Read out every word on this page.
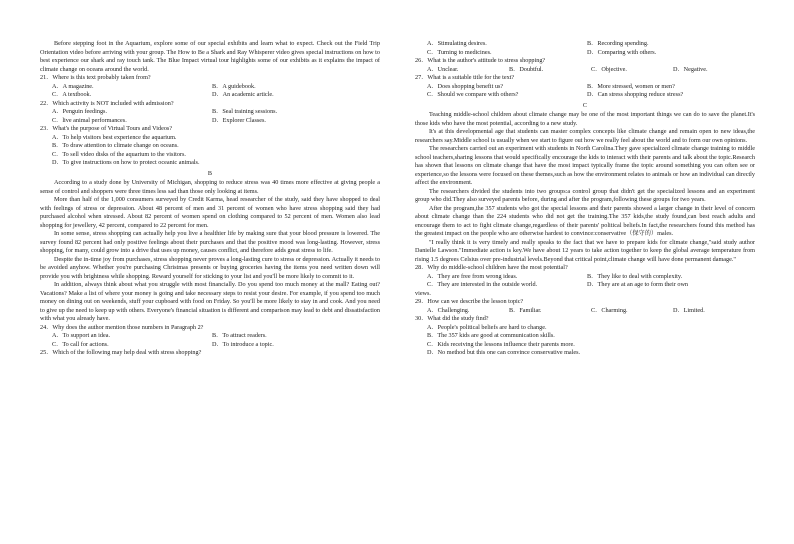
Before stepping foot in the Aquarium, explore some of our special exhibits and learn what to expect. Check out the Field Trip Orientation video before arriving with your group. The How to Be a Shark and Ray Whisperer video gives special instructions on how to best experience our shark and ray touch tank. The Blue Impact virtual tour highlights some of our exhibits as it explains the impact of climate change on oceans around the world.

21．Where is this text probably taken from?

A．A magazine.	B．A guidebook.
C．A textbook.	D．An academic article.

22．Which activity is NOT included with admission?

A．Penguin feedings.	B．Seal training sessions.
C．live animal performances.	D．Explorer Classes.

23．What's the purpose of Virtual Tours and Videos?

A．To help visitors best experience the aquarium.

B．To draw attention to climate change on oceans.

C．To sell video disks of the aquarium to the visitors.

D．To give instructions on how to protect oceanic animals.

B

According to a study done by University of Michigan, shopping to reduce stress was 40 times more effective at giving people a sense of control and shoppers were three times less sad than those only looking at items.

More than half of the 1,000 consumers surveyed by Credit Karma, head researcher of the study, said they have shopped to deal with feelings of stress or depression. About 48 percent of men and 31 percent of women who have stress shopping said they had purchased alcohol when stressed. About 82 percent of women spend on clothing compared to 52 percent of men. Women also lead shopping for jewellery, 42 percent, compared to 22 percent for men.

In some sense, stress shopping can actually help you live a healthier life by making sure that your blood pressure is lowered. The survey found 82 percent had only positive feelings about their purchases and that the positive mood was long-lasting. However, stress shopping, for many, could grow into a drive that uses up money, causes conflict, and therefore adds great stress to life.

Despite the in-time joy from purchases, stress shopping never proves a long-lasting cure to stress or depression. Actually it needs to be avoided anyhow. Whether you're purchasing Christmas presents or buying groceries having the items you need written down will provide you with brightness while shopping. Reward yourself for sticking to your list and you'll be more likely to commit to it.

In addition, always think about what you struggle with most financially. Do you spend too much money at the mall? Eating out? Vacations? Make a list of where your money is going and take necessary steps to resist your desire. For example, if you spend too much money on dining out on weekends, stuff your cupboard with food on Friday. So you'll be more likely to stay in and cook. And you need to give up the need to keep up with others. Everyone's financial situation is different and comparison may lead to debt and dissatisfaction with what you already have.

24．Why does the author mention those numbers in Paragraph 2?

A．To support an idea.	B．To attract readers.
C．To call for actions.	D．To introduce a topic.

25．Which of the following may help deal with stress shopping?

A．Stimulating desires.	B．Recording spending.
C．Turning to medicines.	D．Comparing with others.

26．What is the author's attitude to stress shopping?

A．Unclear.	B．Doubtful.	C．Objective.	D．Negative.

27．What is a suitable title for the text?

A．Does shopping benefit us?	B．More stressed, women or men?
C．Should we compare with others?	D．Can stress shopping reduce stress?

C

Teaching middle-school children about climate change may be one of the most important things we can do to save the planet.It's those kids who have the most potential, according to a new study.

It's at this developmental age that students can master complex concepts like climate change and remain open to new ideas,the researchers say.Middle school is usually when we start to figure out how we really feel about the world and to form our own opinions.

The researchers carried out an experiment with students in North Carolina.They gave specialized climate change training to middle school teachers,sharing lessons that would specifically encourage the kids to interact with their parents and talk about the topic.Research has shown that lessons on climate change that have the most impact typically frame the topic around something you can often see or experience,so the lessons were focused on these themes,such as how the environment relates to animals or how an individual can directly affect the environment.

The researchers divided the students into two groups:a control group that didn't get the specialized lessons and an experiment group who did.They also surveyed parents before, during and after the program,following these groups for two years.

After the program,the 357 students who got the special lessons and their parents showed a larger change in their level of concern about climate change than the 224 students who did not get the training.The 357 kids,the study found,can best reach adults and encourage them to act to fight climate change,regardless of their parents' political beliefs.In fact,the researchers found this method has the greatest impact on the people who are otherwise hardest to convince:conservative（保守的）males.

"I really think it is very timely and really speaks to the fact that we have to prepare kids for climate change,"said study author Danielle Lawson."Immediate action is key.We have about 12 years to take action together to keep the global average temperature from rising 1.5 degrees Celsius over pre-industrial levels.Beyond that critical point,climate change will have done permanent damage."

28．Why do middle-school children have the most potential?

A．They are free from wrong ideas.	B．They like to deal with complexity.
C．They are interested in the outside world.	D．They are at an age to form their own

views.

29．How can we describe the lesson topic?

A．Challenging.	B．Familiar.	C．Charming.	D．Limited.

30．What did the study find?

A．People's political beliefs are hard to change.

B．The 357 kids are good at communication skills.

C．Kids receiving the lessons influence their parents more.

D．No method but this one can convince conservative males.
